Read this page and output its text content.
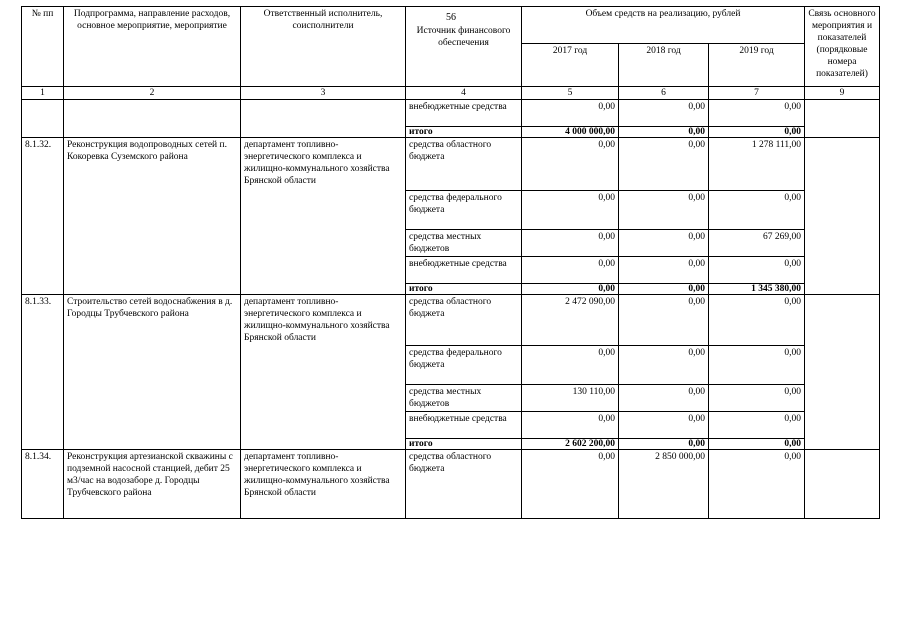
56
№ пп	Подпрограмма, направление расходов, основное мероприятие, мероприятие	Ответственный исполнитель, соисполнители	Источник финансового обеспечения	Объем средств на реализацию, рублей			Связь основного мероприятия и показателей (порядковые номера показателей)
				2017 год	2018 год	2019 год	
1	2	3	4	5	6	7	9
			внебюджетные средства	0,00	0,00	0,00	
			итого	4 000 000,00	0,00	0,00	
8.1.32.	Реконструкция водопроводных сетей п. Кокоревка Суземского района	департамент топливно-энергетического комплекса и жилищно-коммунального хозяйства Брянской области	средства областного бюджета	0,00	0,00	1 278 111,00	
			средства федерального бюджета	0,00	0,00	0,00	
			средства местных бюджетов	0,00	0,00	67 269,00	
			внебюджетные средства	0,00	0,00	0,00	
			итого	0,00	0,00	1 345 380,00	
8.1.33.	Строительство сетей водоснабжения в д. Городцы Трубчевского района	департамент топливно-энергетического комплекса и жилищно-коммунального хозяйства Брянской области	средства областного бюджета	2 472 090,00	0,00	0,00	
			средства федерального бюджета	0,00	0,00	0,00	
			средства местных бюджетов	130 110,00	0,00	0,00	
			внебюджетные средства	0,00	0,00	0,00	
			итого	2 602 200,00	0,00	0,00	
8.1.34.	Реконструкция артезианской скважины с подземной насосной станцией, дебит 25 м3/час на водозаборе д. Городцы Трубчевского района	департамент топливно-энергетического комплекса и жилищно-коммунального хозяйства Брянской области	средства областного бюджета	0,00	2 850 000,00	0,00	
